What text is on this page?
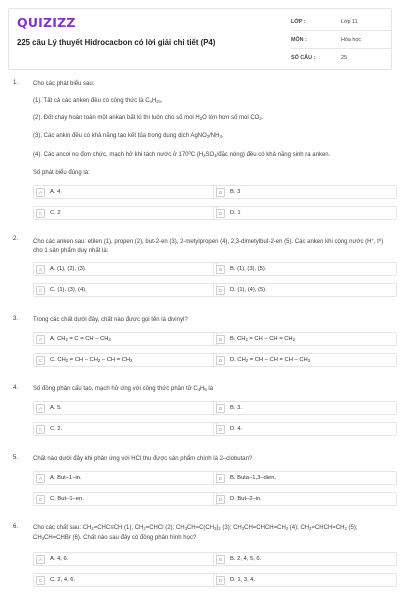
QUIZIZZ
225 câu Lý thuyết Hidrocacbon có lời giải chi tiết (P4)
LỚP :	Lớp 11
MÔN :	Hóa học
SỐ CÂU :	25
1. Cho các phát biểu sau:

(1). Tất cả các anken đều có công thức là $C_nH_{2n}$.

(2). Đốt cháy hoàn toàn một ankan bất kì thì luôn cho số mol $H_2O$ lớn hơn số mol $CO_2$.

(3). Các ankin đều có khả năng tạo kết tủa trong dung dịch $AgNO_3/NH_3$.

(4). Các ancol no đơn chức, mạch hở khi tách nước ở $170^0C$ ($H_2SO_4$/đặc nóng) đều có khả năng sinh ra anken.

Số phát biểu đúng là:

A	A. 4	B	B. 3
C	C. 2	D	D. 1
2. Cho các anken sau: etilen (1), propen (2), but-2-en (3), 2-metylpropen (4), 2,3-dimetylbut-2-en (5). Các anken khi cộng nước (H+, $t^o$) cho 1 sản phẩm duy nhất là:

A	A. (1), (2), (3).	B	B. (1), (3), (5).
C	C. (1), (3), (4).	D	D. (1), (4), (5).
3. Trong các chất dưới đây, chất nào được gọi tên là divinyl?
A	A. $CH_2 = C$ = CH – $CH_3$	B	B. $CH_2$ = CH – CH = $CH_2$
C	C. $CH_2$ = CH – $CH_2$ – CH = $CH_2$	D	D. $CH_2$ = CH – CH = CH – $CH_3$
4. Số đồng phân cấu tạo, mạch hở ứng với công thức phân tử $C_4H_6$ là

A	A. 5.	B	B. 3.
C	C. 2.	D	D. 4.
5. Chất nào dưới đây khi phản ứng với HCl thu được sản phẩm chính là 2–clobutan?
A	A. But–1–in.	B	B. Buta–1,3–dien.
C	C. But–1–en.	D	D. But–2–in.
6. Cho các chất sau: $CH_2=CHC\equiv CH$ (1); $CH_2=CHCl$ (2); $CH_3CH=C(CH_3)_2$ (3); $CH_3CH=CHCH=CH_2$ (4); $CH_2=CHCH=CH_2$ (5); $CH_3CH=CHBr$ (6). Chất nào sau đây có đồng phân hình học?

A	A. 4, 6.	B	B. 2, 4, 5, 6.
C	C. 2, 4, 6.	D	D. 1, 3, 4.
